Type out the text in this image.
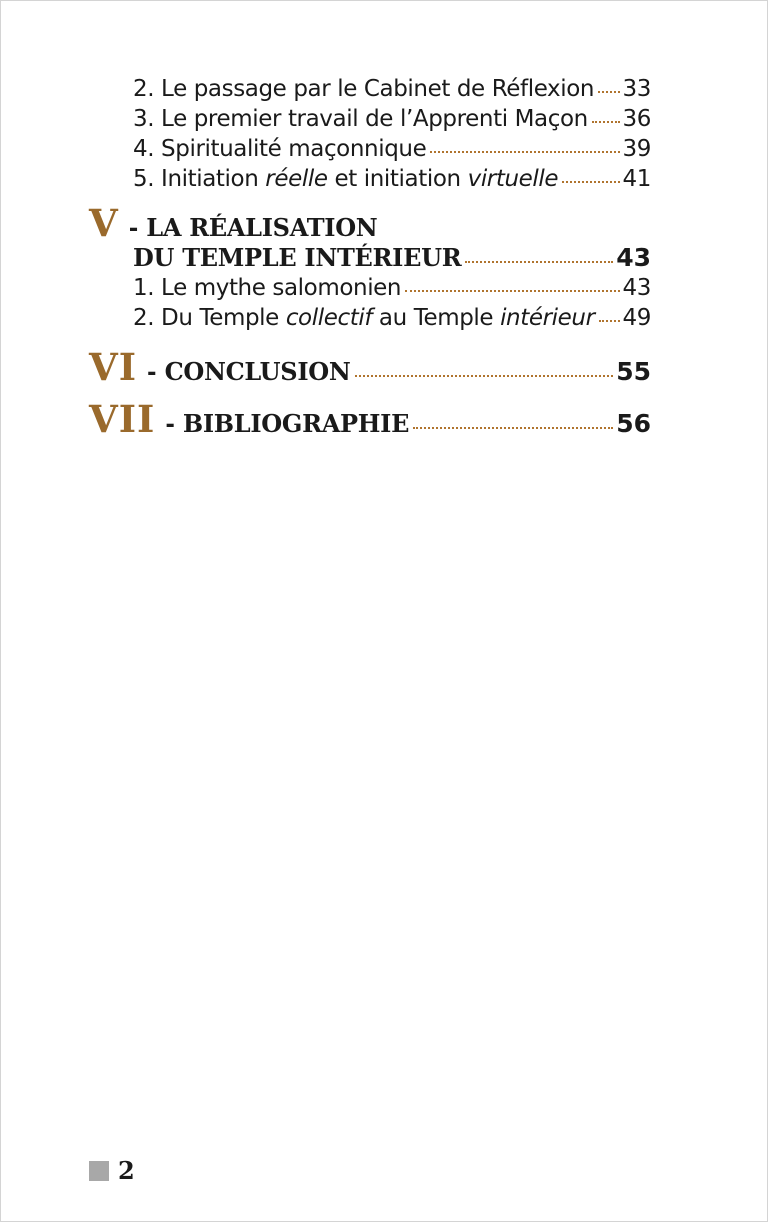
2. Le passage par le Cabinet de Réflexion 33
3. Le premier travail de l’Apprenti Maçon 36
4. Spiritualité maçonnique	39
5. Initiation réelle et initiation virtuelle	41
V - LA RÉALISATION
DU TEMPLE INTÉRIEUR	43
1. Le mythe salomonien	43
2. Du Temple collectif au Temple intérieur 49
VI - CONCLUSION	55
VII - BIBLIOGRAPHIE	56
2
